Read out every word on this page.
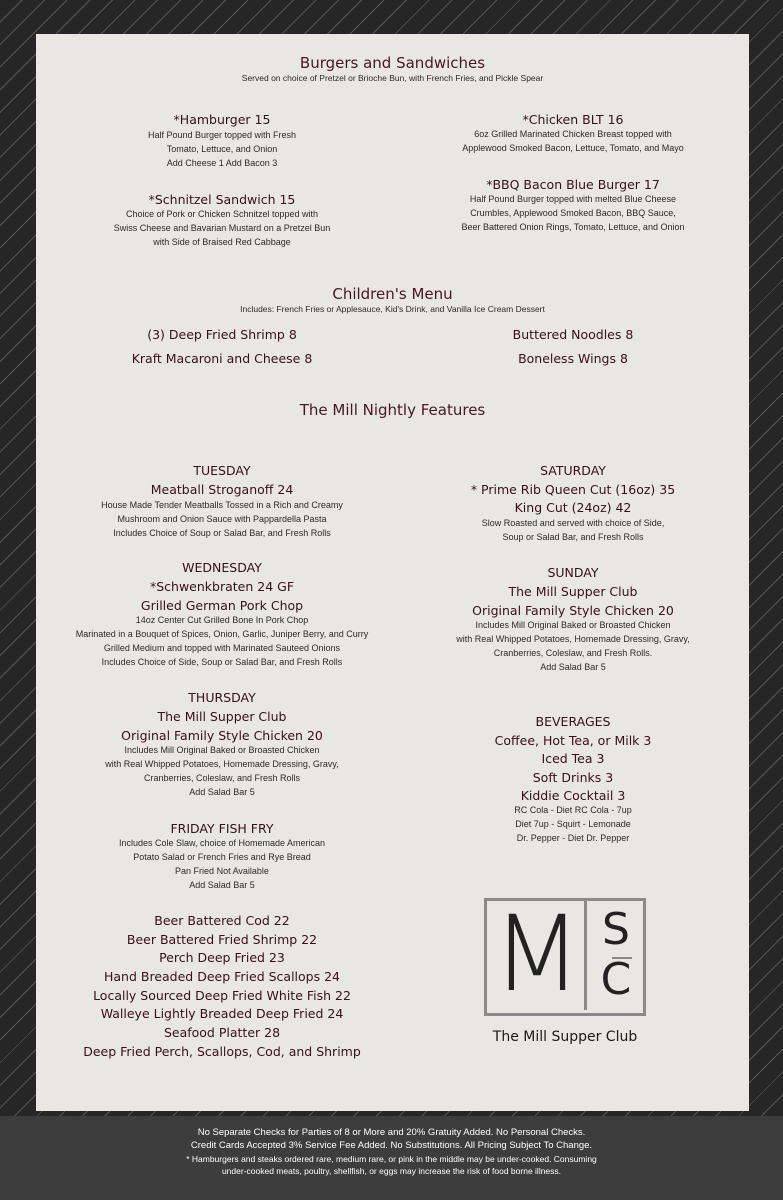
Burgers and Sandwiches
Served on choice of Pretzel or Brioche Bun, with French Fries, and Pickle Spear
*Hamburger 15
Half Pound Burger topped with Fresh
Tomato, Lettuce, and Onion
Add Cheese 1 Add Bacon 3
*Schnitzel Sandwich 15
Choice of Pork or Chicken Schnitzel topped with
Swiss Cheese and Bavarian Mustard on a Pretzel Bun
with Side of Braised Red Cabbage
*Chicken BLT 16
6oz Grilled Marinated Chicken Breast topped with
Applewood Smoked Bacon, Lettuce, Tomato, and Mayo
*BBQ Bacon Blue Burger 17
Half Pound Burger topped with melted Blue Cheese
Crumbles, Applewood Smoked Bacon, BBQ Sauce,
Beer Battered Onion Rings, Tomato, Lettuce, and Onion
Children's Menu
Includes: French Fries or Applesauce, Kid's Drink, and Vanilla Ice Cream Dessert
(3) Deep Fried Shrimp 8
Kraft Macaroni and Cheese 8
Buttered Noodles 8
Boneless Wings 8
The Mill Nightly Features
TUESDAY
Meatball Stroganoff 24
House Made Tender Meatballs Tossed in a Rich and Creamy
Mushroom and Onion Sauce with Pappardella Pasta
Includes Choice of Soup or Salad Bar, and Fresh Rolls
WEDNESDAY
*Schwenkbraten 24 GF
Grilled German Pork Chop
14oz Center Cut Grilled Bone In Pork Chop
Marinated in a Bouquet of Spices, Onion, Garlic, Juniper Berry, and Curry
Grilled Medium and topped with Marinated Sauteed Onions
Includes Choice of Side, Soup or Salad Bar, and Fresh Rolls
THURSDAY
The Mill Supper Club
Original Family Style Chicken 20
Includes Mill Original Baked or Broasted Chicken
with Real Whipped Potatoes, Homemade Dressing, Gravy,
Cranberries, Coleslaw, and Fresh Rolls
Add Salad Bar 5
FRIDAY FISH FRY
Includes Cole Slaw, choice of Homemade American
Potato Salad or French Fries and Rye Bread
Pan Fried Not Available
Add Salad Bar 5
Beer Battered Cod 22
Beer Battered Fried Shrimp 22
Perch Deep Fried 23
Hand Breaded Deep Fried Scallops 24
Locally Sourced Deep Fried White Fish 22
Walleye Lightly Breaded Deep Fried 24
Seafood Platter 28
Deep Fried Perch, Scallops, Cod, and Shrimp
SATURDAY
* Prime Rib Queen Cut (16oz) 35
King Cut (24oz) 42
Slow Roasted and served with choice of Side,
Soup or Salad Bar, and Fresh Rolls
SUNDAY
The Mill Supper Club
Original Family Style Chicken 20
Includes Mill Original Baked or Broasted Chicken
with Real Whipped Potatoes, Homemade Dressing, Gravy,
Cranberries, Coleslaw, and Fresh Rolls.
Add Salad Bar 5
BEVERAGES
Coffee, Hot Tea, or Milk 3
Iced Tea 3
Soft Drinks 3
Kiddie Cocktail 3
RC Cola - Diet RC Cola - 7up
Diet 7up - Squirt - Lemonade
Dr. Pepper - Diet Dr. Pepper
M S
C
The Mill Supper Club
No Separate Checks for Parties of 8 or More and 20% Gratuity Added. No Personal Checks.
Credit Cards Accepted 3% Service Fee Added. No Substitutions. All Pricing Subject To Change.
* Hamburgers and steaks ordered rare, medium rare, or pink in the middle may be under-cooked. Consuming
under-cooked meats, poultry, shellfish, or eggs may increase the risk of food borne illness.
